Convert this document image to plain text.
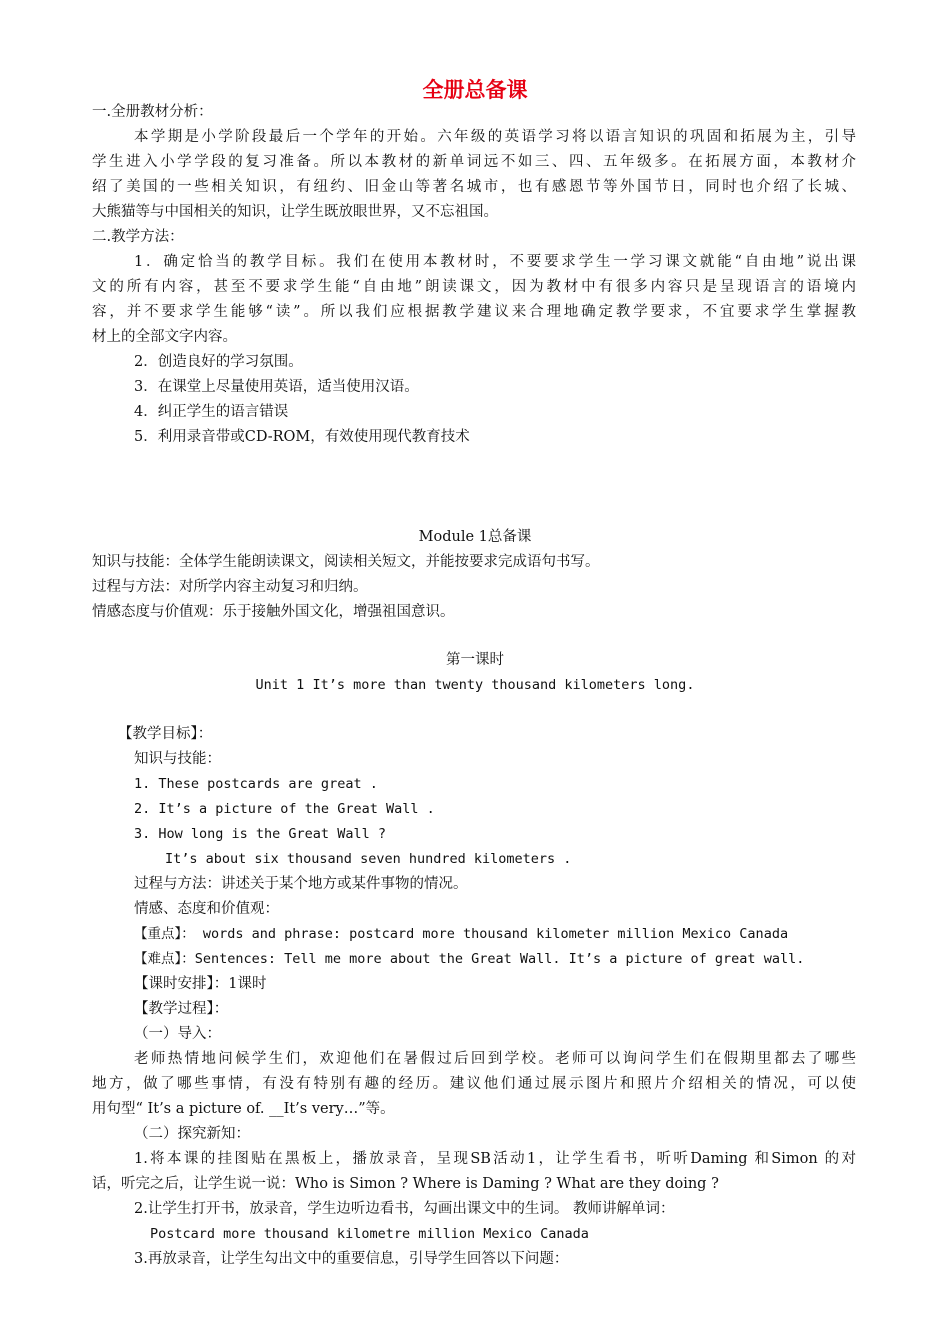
全册总备课
一.全册教材分析：
本学期是小学阶段最后一个学年的开始。六年级的英语学习将以语言知识的巩固和拓展为主，引导
学生进入小学学段的复习准备。所以本教材的新单词远不如三、四、五年级多。在拓展方面，本教材介
绍了美国的一些相关知识，有纽约、旧金山等著名城市，也有感恩节等外国节日，同时也介绍了长城、
大熊猫等与中国相关的知识，让学生既放眼世界，又不忘祖国。
二.教学方法：
1．确定恰当的教学目标。我们在使用本教材时，不要要求学生一学习课文就能“自由地”说出课
文的所有内容，甚至不要求学生能“自由地”朗读课文，因为教材中有很多内容只是呈现语言的语境内
容，并不要求学生能够“读”。所以我们应根据教学建议来合理地确定教学要求，不宜要求学生掌握教
材上的全部文字内容。
2．创造良好的学习氛围。
3．在课堂上尽量使用英语，适当使用汉语。
4．纠正学生的语言错误
5．利用录音带或CD-ROM，有效使用现代教育技术
Module 1总备课
知识与技能：全体学生能朗读课文，阅读相关短文，并能按要求完成语句书写。
过程与方法：对所学内容主动复习和归纳。
情感态度与价值观：乐于接触外国文化，增强祖国意识。
第一课时
Unit 1 It’s more than twenty thousand kilometers long.
【教学目标】：
知识与技能：
1. These postcards are great .
2. It’s a picture of the Great Wall .
3. How long is the Great Wall ?
It’s about six thousand seven hundred kilometers .
过程与方法：讲述关于某个地方或某件事物的情况。
情感、态度和价值观：
【重点】： words and phrase: postcard more thousand kilometer million Mexico Canada
【难点】：Sentences: Tell me more about the Great Wall. It’s a picture of great wall.
【课时安排】：1课时
【教学过程】：
（一）导入：
老师热情地问候学生们，欢迎他们在暑假过后回到学校。老师可以询问学生们在假期里都去了哪些
地方，做了哪些事情，有没有特别有趣的经历。建议他们通过展示图片和照片介绍相关的情况，可以使
用句型“ It’s a picture of. __It’s very…”等。
（二）探究新知：
1.将本课的挂图贴在黑板上，播放录音，呈现SB活动1，让学生看书，听听Daming 和Simon 的对
话，听完之后，让学生说一说：Who is Simon ? Where is Daming ? What are they doing ?
2.让学生打开书，放录音，学生边听边看书，勾画出课文中的生词。 教师讲解单词：
Postcard more thousand kilometre million Mexico Canada
3.再放录音，让学生勾出文中的重要信息，引导学生回答以下问题：
